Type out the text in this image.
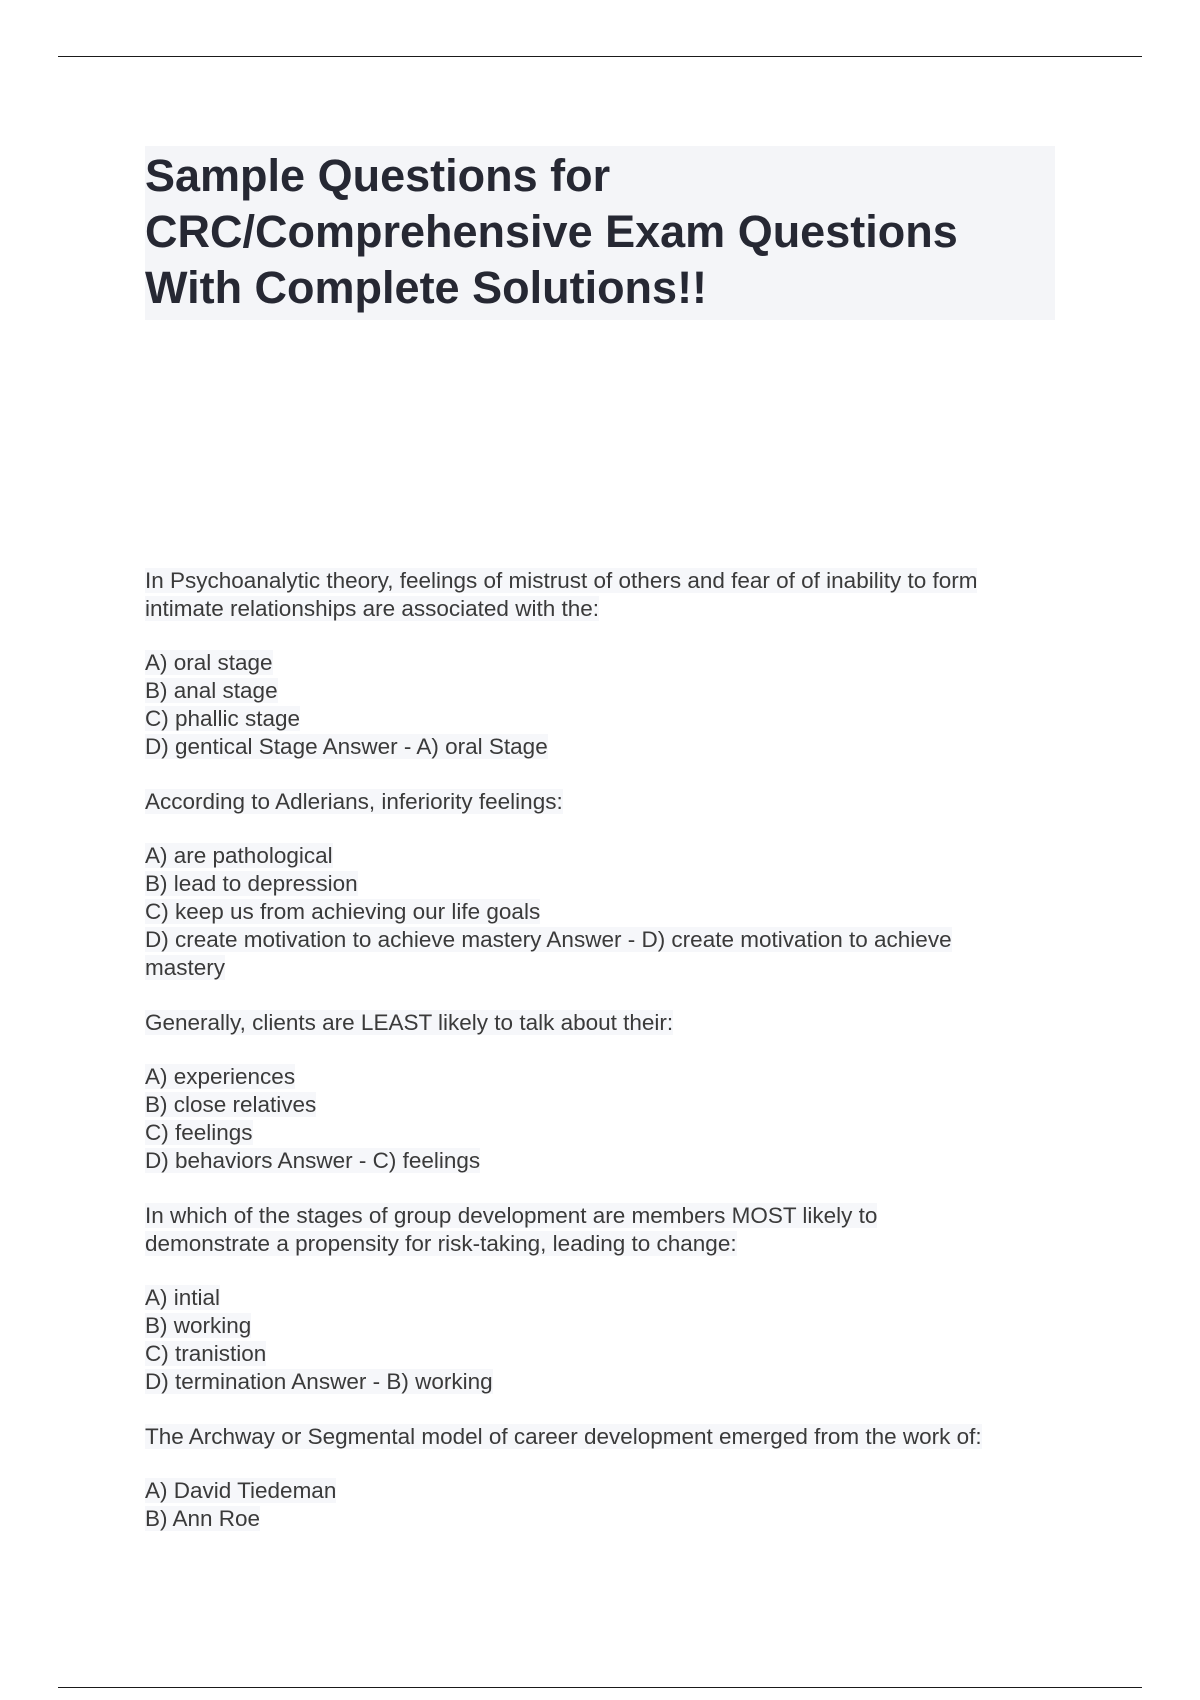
Sample Questions for
CRC/Comprehensive Exam Questions
With Complete Solutions!!

In Psychoanalytic theory, feelings of mistrust of others and fear of of inability to form
intimate relationships are associated with the:

A) oral stage
B) anal stage
C) phallic stage
D) gentical Stage Answer - A) oral Stage

According to Adlerians, inferiority feelings:

A) are pathological
B) lead to depression
C) keep us from achieving our life goals
D) create motivation to achieve mastery Answer - D) create motivation to achieve
mastery

Generally, clients are LEAST likely to talk about their:

A) experiences
B) close relatives
C) feelings
D) behaviors Answer - C) feelings

In which of the stages of group development are members MOST likely to
demonstrate a propensity for risk-taking, leading to change:

A) intial
B) working
C) tranistion
D) termination Answer - B) working

The Archway or Segmental model of career development emerged from the work of:

A) David Tiedeman
B) Ann Roe
